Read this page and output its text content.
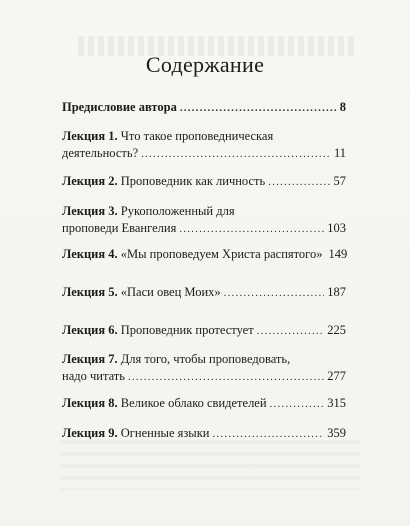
Содержание
Предисловие автора .....	8
Лекция 1. Что такое проповедническая
деятельность? .....	11
Лекция 2. Проповедник как личность .....	57
Лекция 3. Рукоположенный для
проповеди Евангелия .....	103
Лекция 4. «Мы проповедуем Христа распятого» 149
Лекция 5. «Паси овец Моих» .....	187
Лекция 6. Проповедник протестует .....	225
Лекция 7. Для того, чтобы проповедовать,
надо читать .....	277
Лекция 8. Великое облако свидетелей .....	315
Лекция 9. Огненные языки .....	359
